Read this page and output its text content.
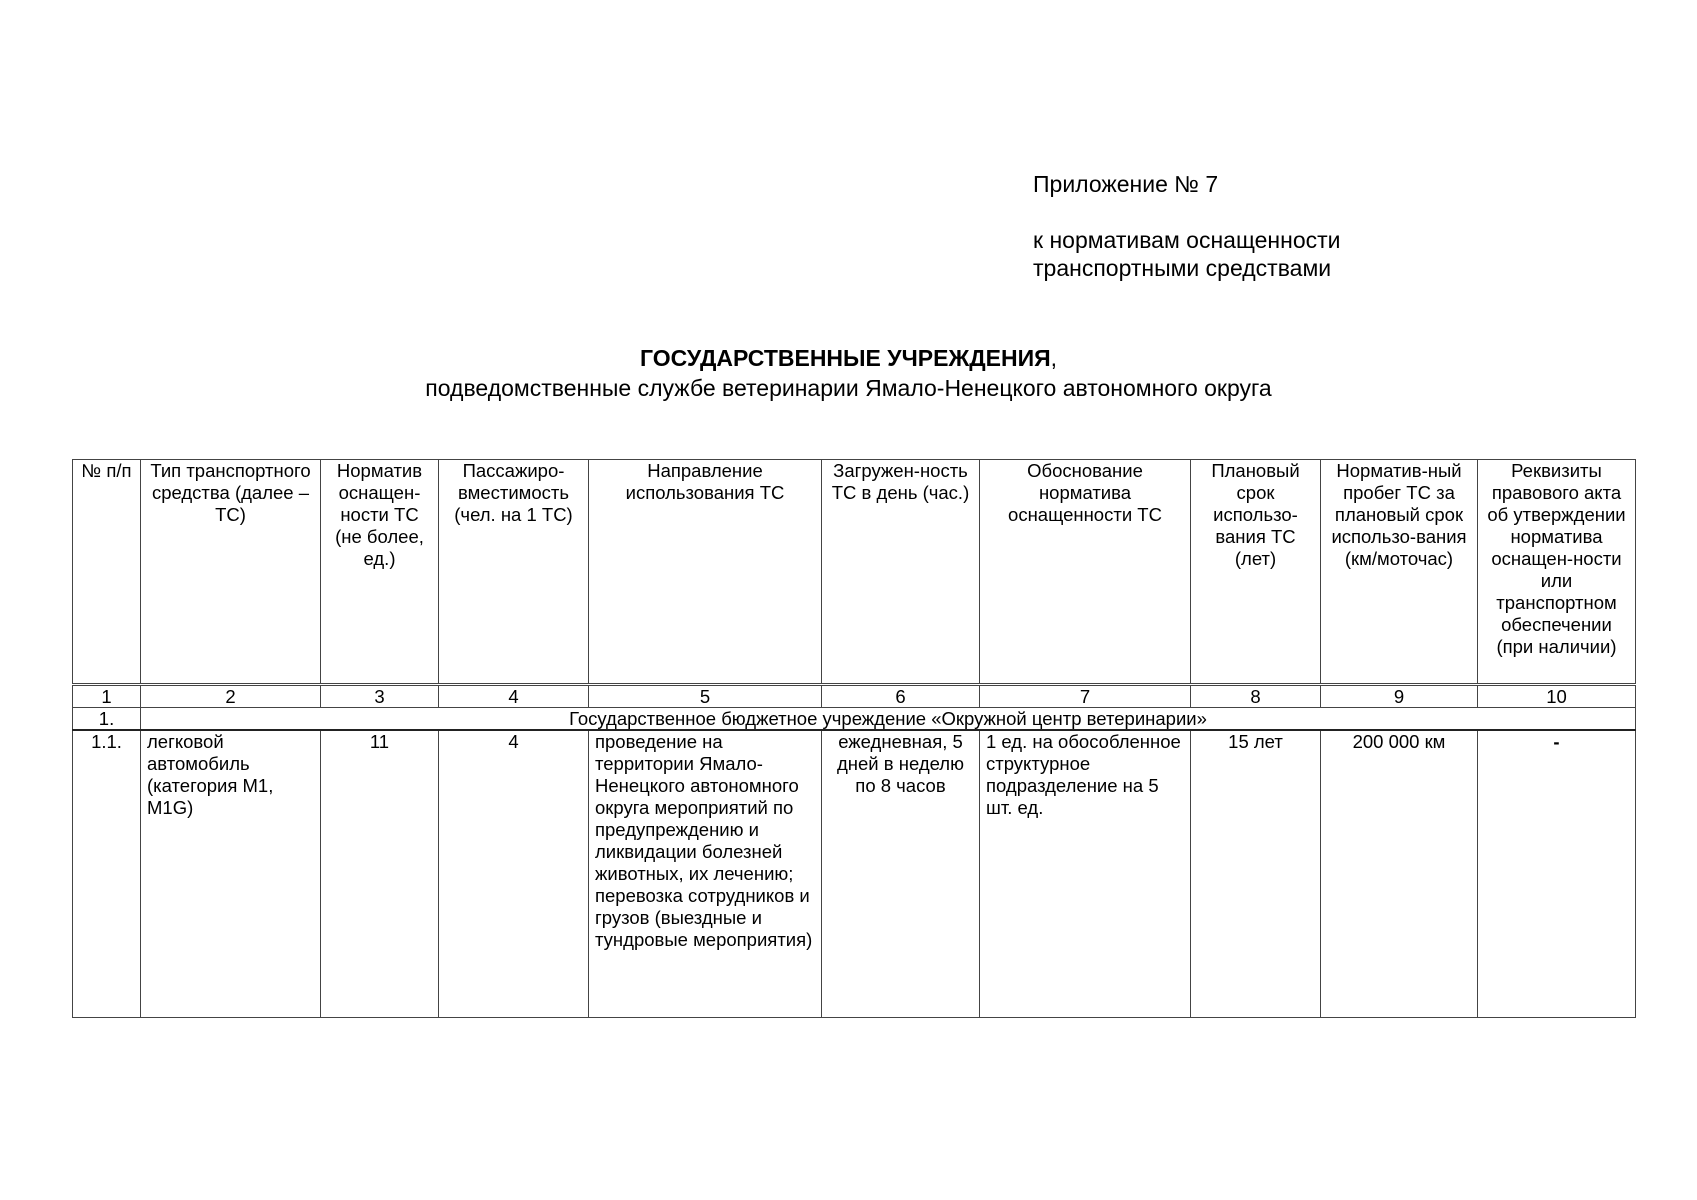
Приложение № 7
к нормативам оснащенности
транспортными средствами
ГОСУДАРСТВЕННЫЕ УЧРЕЖДЕНИЯ,
подведомственные службе ветеринарии Ямало-Ненецкого автономного округа
№ п/п	Тип транспортного средства (далее – ТС)	Норматив оснащен-ности ТС (не более, ед.)	Пассажиро-вместимость (чел. на 1 ТС)	Направление использования ТС	Загружен-ность ТС в день (час.)	Обоснование норматива оснащенности ТС	Плановый срок использо-вания ТС (лет)	Норматив-ный пробег ТС за плановый срок использо-вания (км/моточас)	Реквизиты правового акта об утверждении норматива оснащен-ности или транспортном обеспечении (при наличии)
1	2	3	4	5	6	7	8	9	10
1.	Государственное бюджетное учреждение «Окружной центр ветеринарии»								
1.1.	легковой автомобиль (категория М1, М1G)	11	4	проведение на территории Ямало-Ненецкого автономного округа мероприятий по предупреждению и ликвидации болезней животных, их лечению; перевозка сотрудников и грузов (выездные и тундровые мероприятия)	ежедневная, 5 дней в неделю по 8 часов	1 ед. на обособленное структурное подразделение на 5 шт. ед.	15 лет	200 000 км	-
